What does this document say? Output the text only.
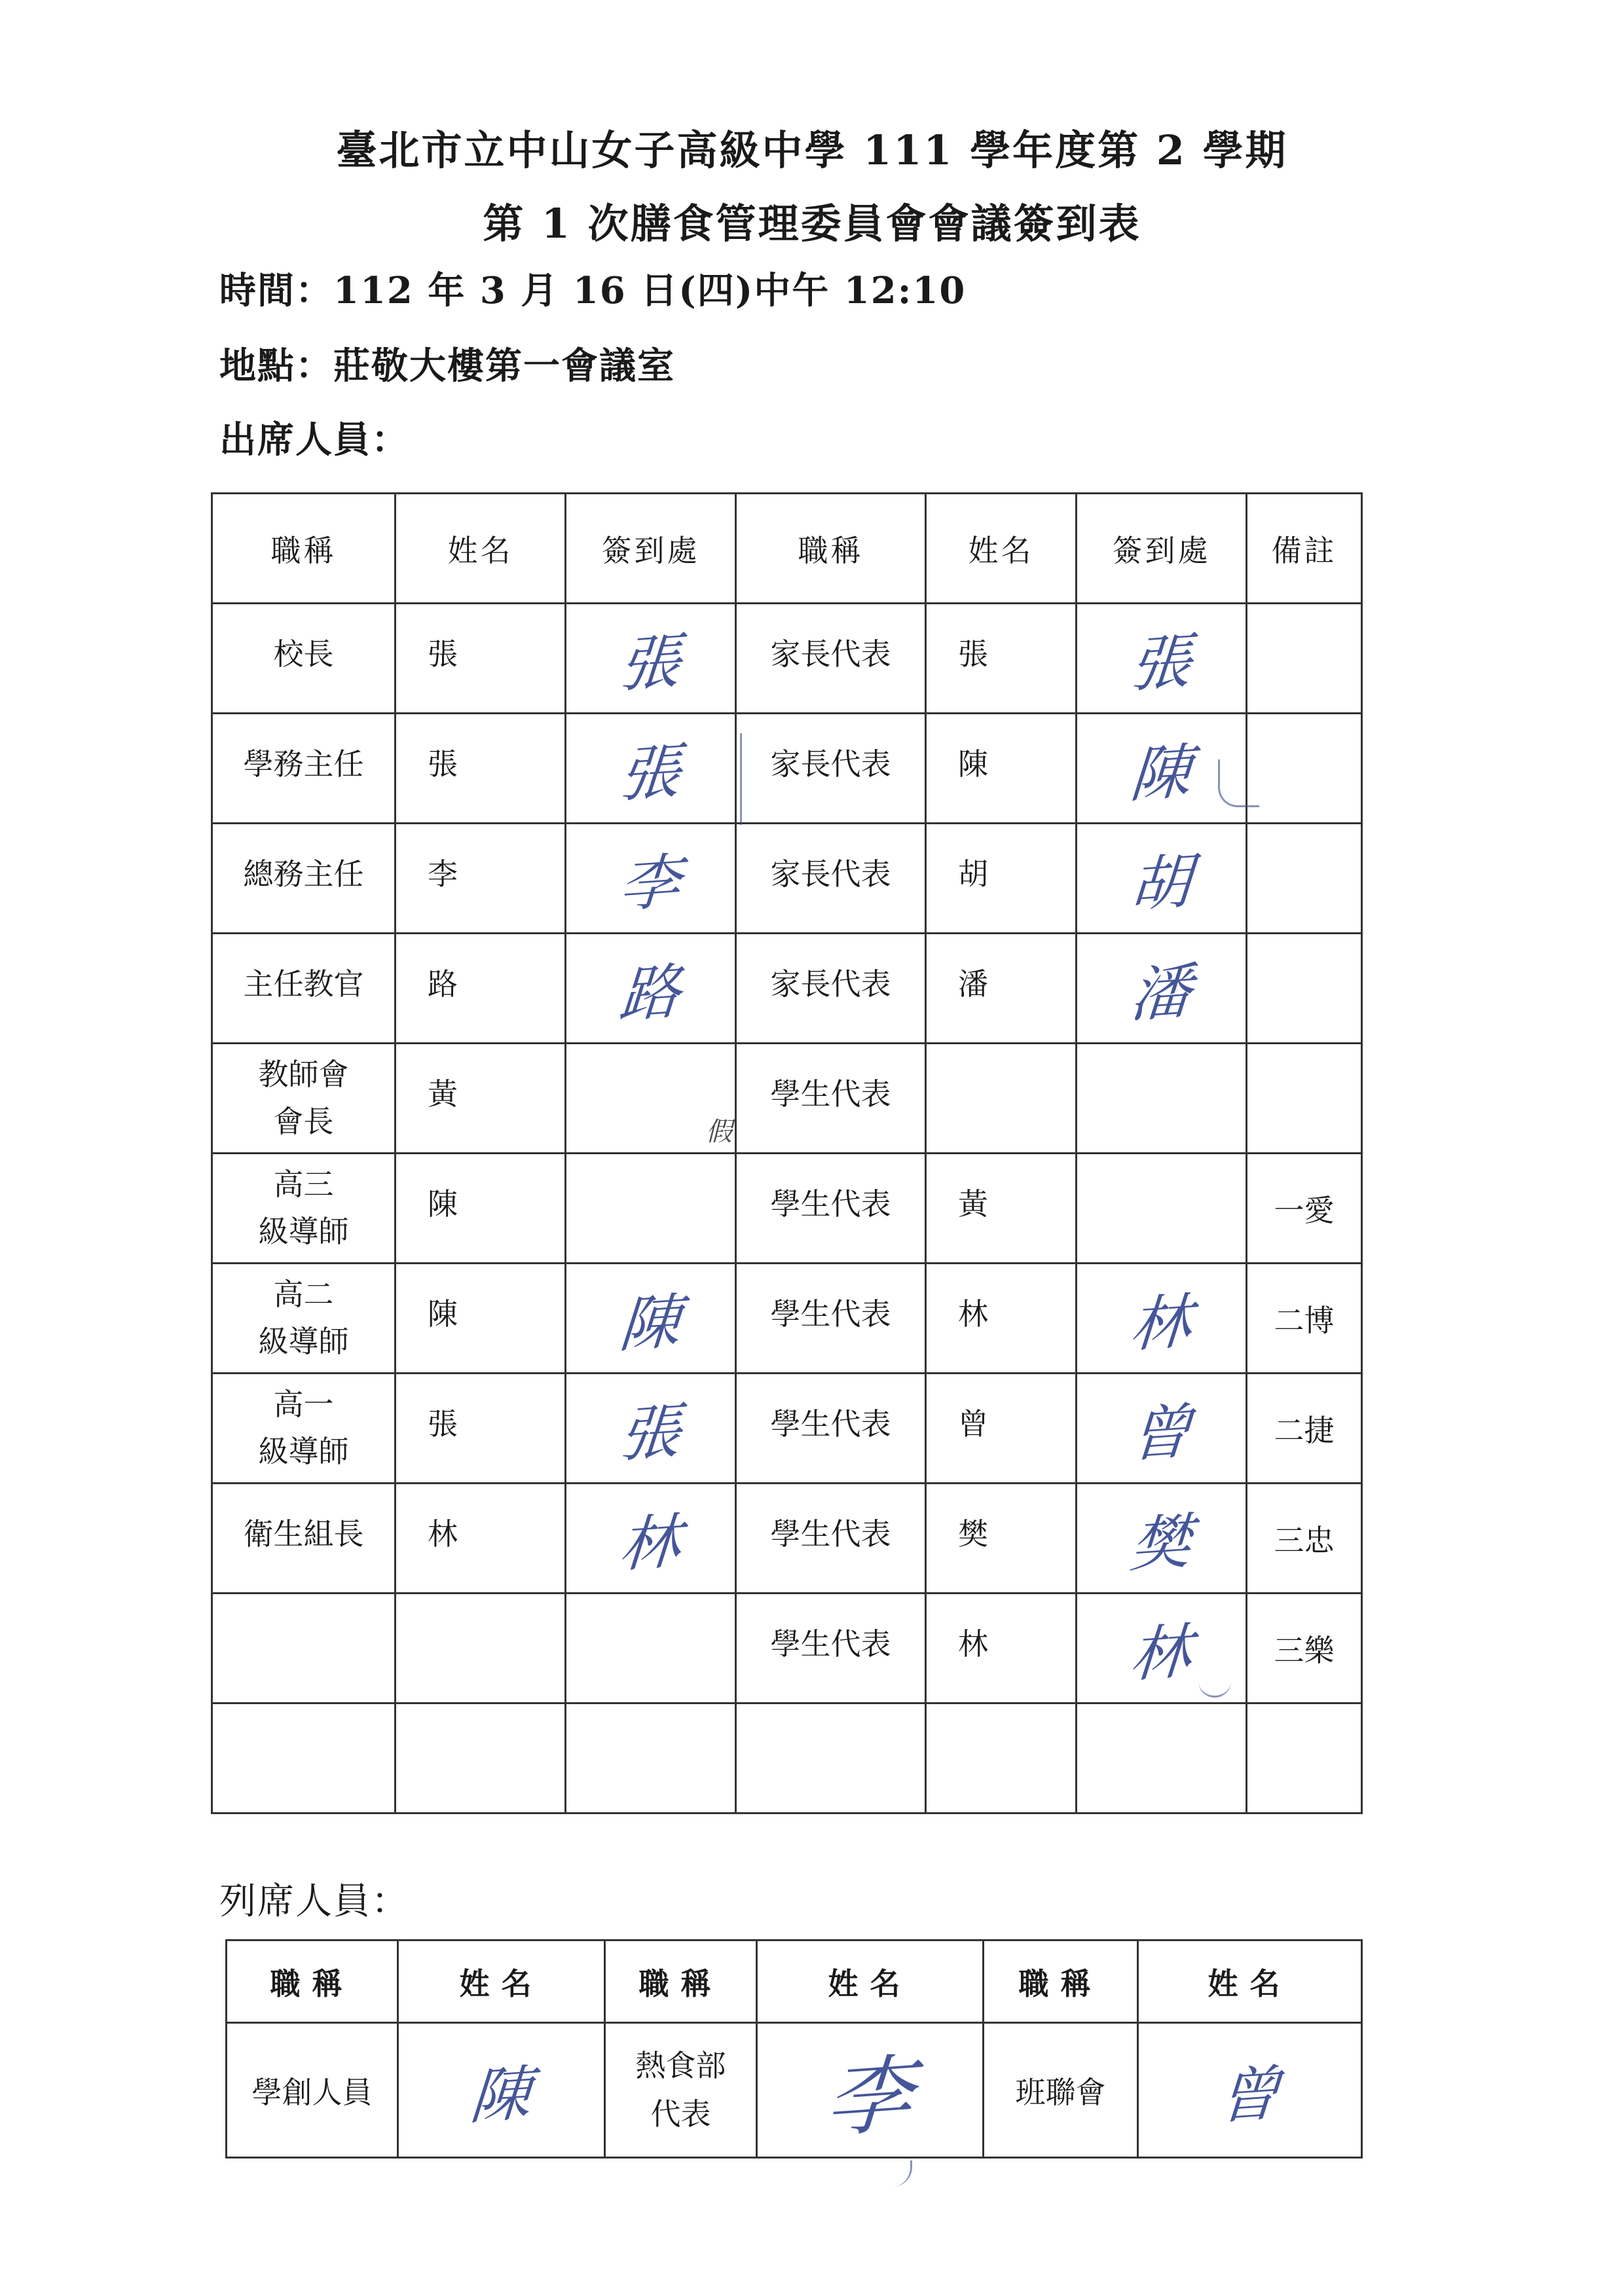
臺北市立中山女子高級中學 111 學年度第 2 學期
第 1 次膳食管理委員會會議簽到表
時間：112 年 3 月 16 日(四)中午 12:10
地點：莊敬大樓第一會議室
出席人員：
職稱	姓名	簽到處	職稱	姓名	簽到處	備註
校長	張	張	家長代表	張	張	
學務主任	張	張	家長代表	陳	陳	
總務主任	李	李	家長代表	胡	胡	
主任教官	路	路	家長代表	潘	潘	
教師會
會長	黃	假	學生代表			
高三
級導師	陳		學生代表	黃		一愛
高二
級導師	陳	陳	學生代表	林	林	二博
高一
級導師	張	張	學生代表	曾	曾	二捷
衛生組長	林	林	學生代表	樊	樊	三忠
			學生代表	林	林	三樂

列席人員：
職稱	姓名	職稱	姓名	職稱	姓名
學創人員	陳	熱食部
代表	李	班聯會	曾
